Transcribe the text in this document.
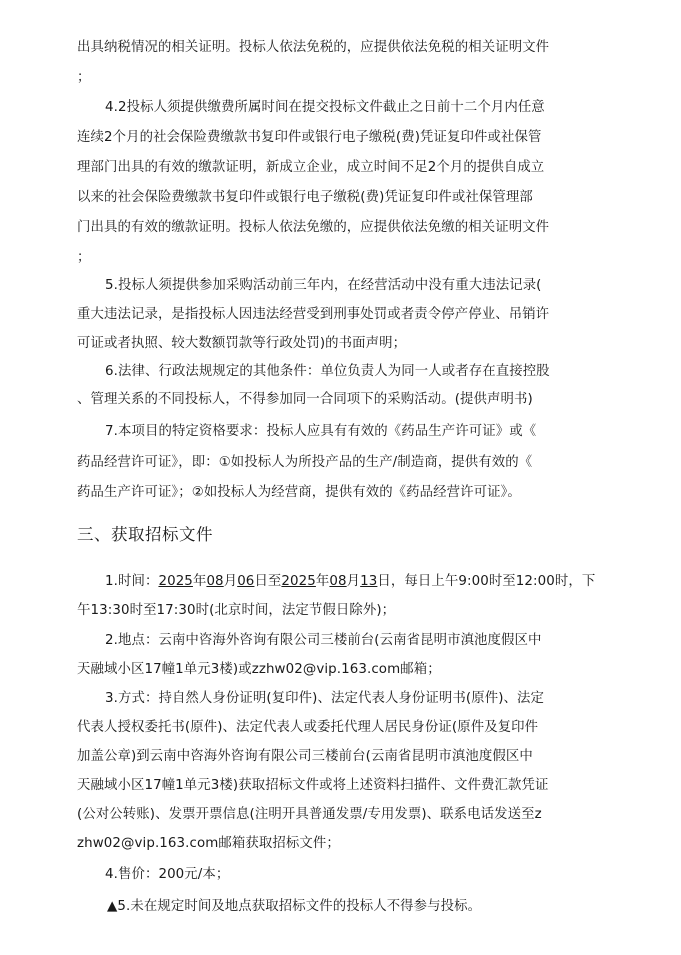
出具纳税情况的相关证明。投标人依法免税的，应提供依法免税的相关证明文件
；
4.2投标人须提供缴费所属时间在提交投标文件截止之日前十二个月内任意
连续2个月的社会保险费缴款书复印件或银行电子缴税(费)凭证复印件或社保管
理部门出具的有效的缴款证明，新成立企业，成立时间不足2个月的提供自成立
以来的社会保险费缴款书复印件或银行电子缴税(费)凭证复印件或社保管理部
门出具的有效的缴款证明。投标人依法免缴的，应提供依法免缴的相关证明文件
；
5.投标人须提供参加采购活动前三年内，在经营活动中没有重大违法记录(
重大违法记录，是指投标人因违法经营受到刑事处罚或者责令停产停业、吊销许
可证或者执照、较大数额罚款等行政处罚)的书面声明；
6.法律、行政法规规定的其他条件：单位负责人为同一人或者存在直接控股
、管理关系的不同投标人，不得参加同一合同项下的采购活动。(提供声明书)
7.本项目的特定资格要求：投标人应具有有效的《药品生产许可证》或《
药品经营许可证》，即：①如投标人为所投产品的生产/制造商，提供有效的《
药品生产许可证》；②如投标人为经营商，提供有效的《药品经营许可证》。
三、获取招标文件
1.时间：2025年08月06日至2025年08月13日，每日上午9:00时至12:00时，下
午13:30时至17:30时(北京时间，法定节假日除外)；
2.地点：云南中咨海外咨询有限公司三楼前台(云南省昆明市滇池度假区中
天融域小区17幢1单元3楼)或zzhw02@vip.163.com邮箱；
3.方式：持自然人身份证明(复印件)、法定代表人身份证明书(原件)、法定
代表人授权委托书(原件)、法定代表人或委托代理人居民身份证(原件及复印件
加盖公章)到云南中咨海外咨询有限公司三楼前台(云南省昆明市滇池度假区中
天融域小区17幢1单元3楼)获取招标文件或将上述资料扫描件、文件费汇款凭证
(公对公转账)、发票开票信息(注明开具普通发票/专用发票)、联系电话发送至z
zhw02@vip.163.com邮箱获取招标文件；
4.售价：200元/本；
▲5.未在规定时间及地点获取招标文件的投标人不得参与投标。
